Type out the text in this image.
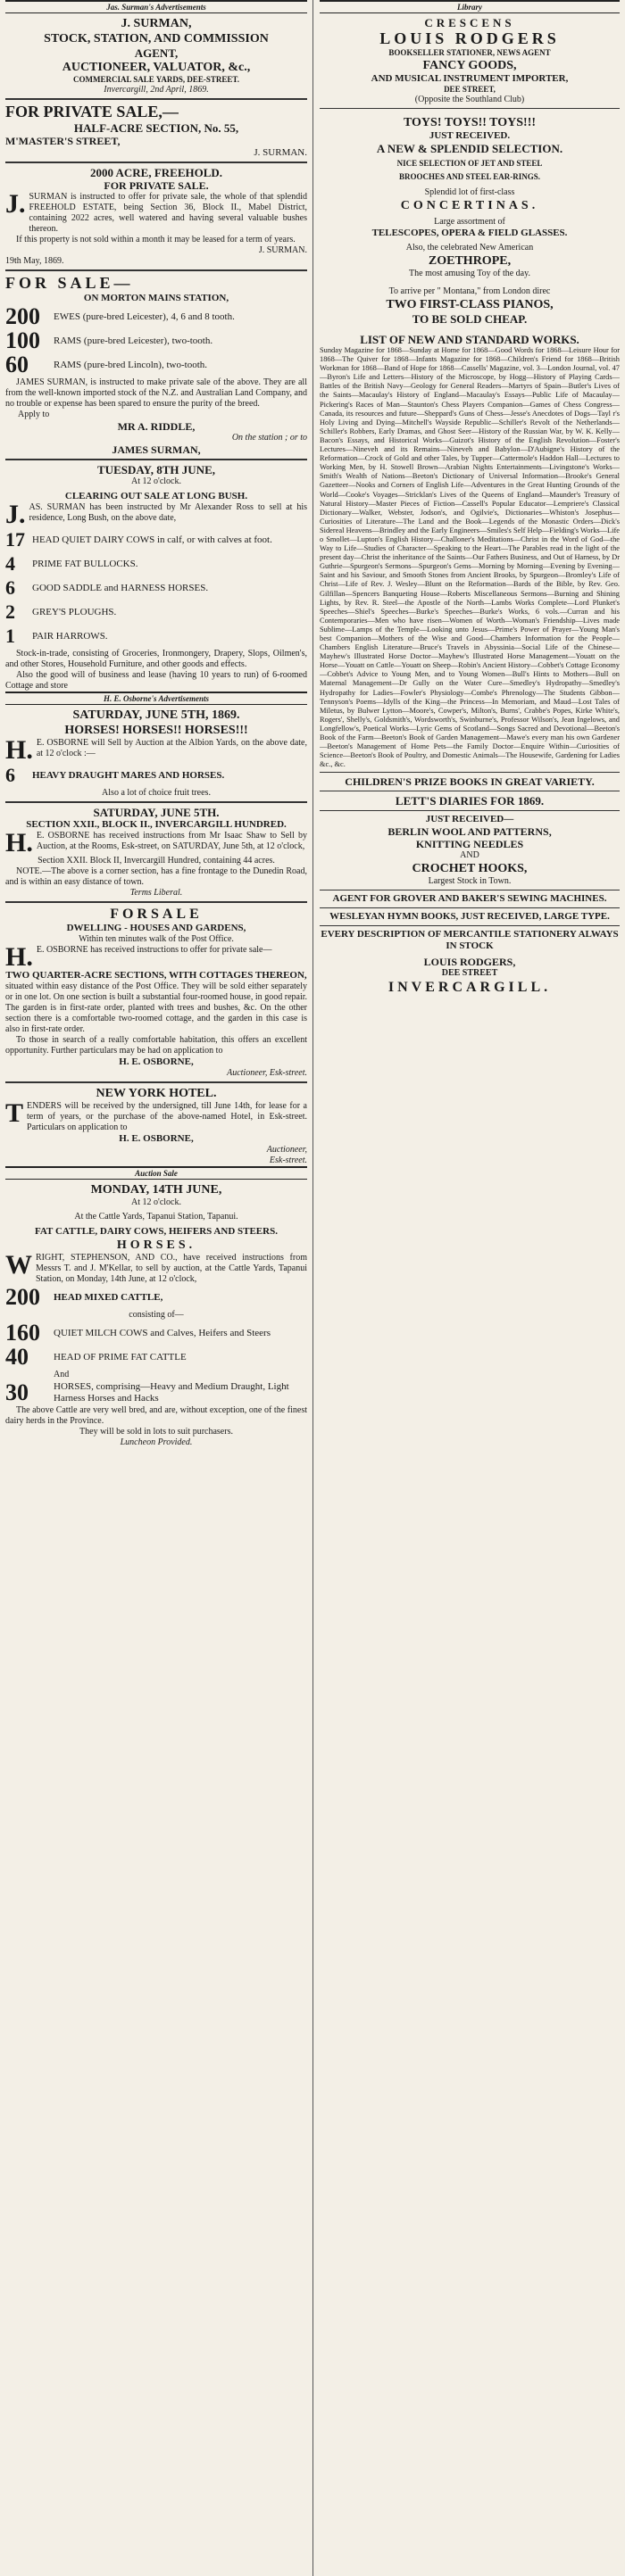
Jas. Surman's Advertisements

J. SURMAN,

STOCK, STATION, AND COMMISSION

AGENT,

AUCTIONEER, VALUATOR, &c.,

COMMERCIAL SALE YARDS, DEE-STREET.

Invercargill, 2nd April, 1869.

FOR PRIVATE SALE,—

HALF-ACRE SECTION, No. 55,

M'MASTER'S STREET,

J. SURMAN.

2000 ACRE, FREEHOLD.

FOR PRIVATE SALE.

J. SURMAN is instructed to offer for private sale, the whole of that splendid FREEHOLD ESTATE, being Section 36, Block II., Mabel District, containing 2022 acres, well watered and having several valuable bushes thereon.

If this property is not sold within a month it may be leased for a term of years.

J. SURMAN.

19th May, 1869.

FOR SALE—

ON MORTON MAINS STATION,

200	EWES (pure-bred Leicester), 4, 6 and 8 tooth.
100	RAMS (pure-bred Leicester), two-tooth.
60	RAMS (pure-bred Lincoln), two-tooth.

JAMES SURMAN, is instructed to make private sale of the above. They are all from the well-known imported stock of the N.Z. and Australian Land Company, and no trouble or expense has been spared to ensure the purity of the breed.

Apply to

MR A. RIDDLE,

On the station ; or to

JAMES SURMAN,

TUESDAY, 8TH JUNE,

At 12 o'clock.

CLEARING OUT SALE AT LONG BUSH.

J. AS. SURMAN has been instructed by Mr Alexander Ross to sell at his residence, Long Bush, on the above date,

17 HEAD QUIET DAIRY COWS in calf, or with calves at foot.
4	PRIME FAT BULLOCKS.
6	GOOD SADDLE and HARNESS HORSES.
2	GREY'S PLOUGHS.
1	PAIR HARROWS.

Stock-in-trade, consisting of Groceries, Ironmongery, Drapery, Slops, Oilmen's, and other Stores, Household Furniture, and other goods and effects.

Also the good will of business and lease (having 10 years to run) of 6-roomed Cottage and store

H. E. Osborne's Advertisements

SATURDAY, JUNE 5TH, 1869.

HORSES! HORSES!! HORSES!!!

H. E. OSBORNE will Sell by Auction at the Albion Yards, on the above date, at 12 o'clock :—

6	HEAVY DRAUGHT MARES AND HORSES.

Also a lot of choice fruit trees.

SATURDAY, JUNE 5TH.

SECTION XXII., BLOCK II., INVERCARGILL HUNDRED.

H. E. OSBORNE has received instructions from Mr Isaac Shaw to Sell by Auction, at the Rooms, Esk-street, on SATURDAY, June 5th, at 12 o'clock,

Section XXII. Block II, Invercargill Hundred, containing 44 acres.

NOTE.—The above is a corner section, has a fine frontage to the Dunedin Road, and is within an easy distance of town.

Terms Liberal.

FORSALE

DWELLING - HOUSES AND GARDENS,

Within ten minutes walk of the Post Office.

H. E. OSBORNE has received instructions to offer for private sale—

TWO QUARTER-ACRE SECTIONS, WITH COTTAGES THEREON,

situated within easy distance of the Post Office. They will be sold either separately or in one lot. On one section is built a substantial four-roomed house, in good repair. The garden is in first-rate order, planted with trees and bushes, &c. On the other section there is a comfortable two-roomed cottage, and the garden in this case is also in first-rate order.

To those in search of a really comfortable habitation, this offers an excellent opportunity. Further particulars may be had on application to

H. E. OSBORNE,

Auctioneer, Esk-street.

NEW YORK HOTEL.

T ENDERS will be received by the undersigned, till June 14th, for lease for a term of years, or the purchase of the above-named Hotel, in Esk-street. Particulars on application to

H. E. OSBORNE,

Auctioneer,

Esk-street.

Auction Sale

MONDAY, 14TH JUNE,

At 12 o'clock.

At the Cattle Yards, Tapanui Station, Tapanui.

FAT CATTLE, DAIRY COWS, HEIFERS AND STEERS.

HORSES.

W RIGHT, STEPHENSON, AND CO., have received instructions from Messrs T. and J. M'Kellar, to sell by auction, at the Cattle Yards, Tapanui Station, on Monday, 14th June, at 12 o'clock,

200	HEAD MIXED CATTLE,

consisting of—

160	QUIET MILCH COWS and Calves, Heifers and Steers
40	HEAD OF PRIME FAT CATTLE

And

30	HORSES, comprising—Heavy and Medium Draught, Light Harness Horses and Hacks

The above Cattle are very well bred, and are, without exception, one of the finest dairy herds in the Province.

They will be sold in lots to suit purchasers.

Luncheon Provided.

Library

CRESCENS

LOUIS RODGERS

BOOKSELLER STATIONER, NEWS AGENT

FANCY GOODS,

AND MUSICAL INSTRUMENT IMPORTER,

DEE STREET,

(Opposite the Southland Club)

TOYS! TOYS!! TOYS!!!

JUST RECEIVED.

A NEW & SPLENDID SELECTION.

NICE SELECTION OF JET AND STEEL

BROOCHES AND STEEL EAR-RINGS.

Splendid lot of first-class

CONCERTINAS.

Large assortment of

TELESCOPES, OPERA & FIELD GLASSES.

Also, the celebrated New American

ZOETHROPE,

The most amusing Toy of the day.

To arrive per " Montana," from London direc

TWO FIRST-CLASS PIANOS,

TO BE SOLD CHEAP.

LIST OF NEW AND STANDARD WORKS.

Sunday Magazine for 1868—Sunday at Home for 1868—Good Words for 1868—Leisure Hour for 1868—The Quiver for 1868—Infants Magazine for 1868—Children's Friend for 1868—British Workman for 1868—Band of Hope for 1868—Cassells' Magazine, vol. 3—London Journal, vol. 47—Byron's Life and Letters—History of the Microscope, by Hogg—History of Playing Cards—Battles of the British Navy—Geology for General Readers—Martyrs of Spain—Butler's Lives of the Saints—Macaulay's History of England—Macaulay's Essays—Public Life of Macaulay—Pickering's Races of Man—Staunton's Chess Players Companion—Games of Chess Congress—Canada, its resources and future—Sheppard's Guns of Chess—Jesse's Anecdotes of Dogs—Tayl r's Holy Living and Dying—Mitchell's Wayside Republic—Schiller's Revolt of the Netherlands—Schiller's Robbers, Early Dramas, and Ghost Seer—History of the Russian War, by W. K. Kelly—Bacon's Essays, and Historical Works—Guizot's History of the English Revolution—Foster's Lectures—Nineveh and its Remains—Nineveh and Babylon—D'Aubigne's History of the Reformation—Crock of Gold and other Tales, by Tupper—Cattermole's Haddon Hall—Lectures to Working Men, by H. Stowell Brown—Arabian Nights Entertainments—Livingstone's Works—Smith's Wealth of Nations—Beeton's Dictionary of Universal Information—Brooke's General Gazetteer—Nooks and Corners of English Life—Adventures in the Great Hunting Grounds of the World—Cooke's Voyages—Stricklan's Lives of the Queens of England—Maunder's Treasury of Natural History—Master Pieces of Fiction—Cassell's Popular Educator—Lempriere's Classical Dictionary—Walker, Webster, Jodson's, and Ogilvie's, Dictionaries—Whiston's Josephus—Curiosities of Literature—The Land and the Book—Legends of the Monastic Orders—Dick's Sidereal Heavens—Brindley and the Early Engineers—Smiles's Self Help—Fielding's Works—Life o Smollet—Lupton's English History—Challoner's Meditations—Christ in the Word of God—the Way to Life—Studies of Character—Speaking to the Heart—The Parables read in the light of the present day—Christ the inheritance of the Saints—Our Fathers Business, and Out of Harness, by Dr Guthrie—Spurgeon's Sermons—Spurgeon's Gems—Morning by Morning—Evening by Evening—Saint and his Saviour, and Smooth Stones from Ancient Brooks, by Spurgeon—Bromley's Life of Christ—Life of Rev. J. Wesley—Blunt on the Reformation—Bards of the Bible, by Rev. Geo. Gilfillan—Spencers Banqueting House—Roberts Miscellaneous Sermons—Burning and Shining Lights, by Rev. R. Steel—the Apostle of the North—Lambs Works Complete—Lord Plunket's Speeches—Shiel's Speeches—Burke's Speeches—Burke's Works, 6 vols.—Curran and his Contemporaries—Men who have risen—Women of Worth—Woman's Friendship—Lives made Sublime—Lamps of the Temple—Looking unto Jesus—Prime's Power of Prayer—Young Man's best Companion—Mothers of the Wise and Good—Chambers Information for the People—Chambers English Literature—Bruce's Travels in Abyssinia—Social Life of the Chinese—Mayhew's Illustrated Horse Doctor—Mayhew's Illustrated Horse Management—Youatt on the Horse—Youatt on Cattle—Youatt on Sheep—Robin's Ancient History—Cobbet's Cottage Economy—Cobbet's Advice to Young Men, and to Young Women—Bull's Hints to Mothers—Bull on Maternal Management—Dr Gully on the Water Cure—Smedley's Hydropathy—Smedley's Hydropathy for Ladies—Fowler's Physiology—Combe's Phrenology—The Students Gibbon—Tennyson's Poems—Idylls of the King—the Princess—In Memoriam, and Maud—Lost Tales of Miletus, by Bulwer Lytton—Moore's, Cowper's, Milton's, Burns', Crabbe's Popes, Kirke White's, Rogers', Shelly's, Goldsmith's, Wordsworth's, Swinburne's, Professor Wilson's, Jean Ingelows, and Longfellow's, Poetical Works—Lyric Gems of Scotland—Songs Sacred and Devotional—Beeton's Book of the Farm—Beeton's Book of Garden Management—Mawe's every man his own Gardener—Beeton's Management of Home Pets—the Family Doctor—Enquire Within—Curiosities of Science—Beeton's Book of Poultry, and Domestic Animals—The Housewife, Gardening for Ladies &c., &c.

CHILDREN'S PRIZE BOOKS IN GREAT VARIETY.

LETT'S DIARIES FOR 1869.

JUST RECEIVED—

BERLIN WOOL AND PATTERNS,

KNITTING NEEDLES

AND

CROCHET HOOKS,

Largest Stock in Town.

AGENT FOR GROVER AND BAKER'S SEWING MACHINES.

WESLEYAN HYMN BOOKS, JUST RECEIVED, LARGE TYPE.

EVERY DESCRIPTION OF MERCANTILE STATIONERY ALWAYS IN STOCK

LOUIS RODGERS,

DEE STREET

INVERCARGILL.
